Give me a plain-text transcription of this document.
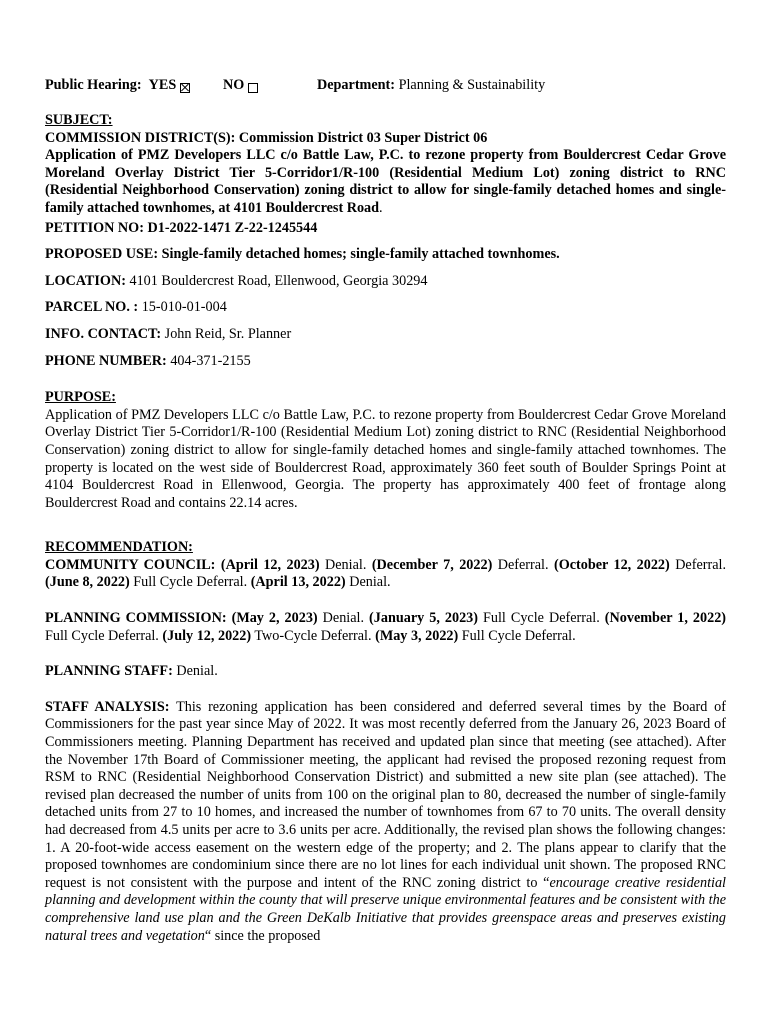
Public Hearing: YES	NO	Department: Planning & Sustainability
SUBJECT:
COMMISSION DISTRICT(S): Commission District 03 Super District 06
Application of PMZ Developers LLC c/o Battle Law, P.C. to rezone property from Bouldercrest Cedar Grove Moreland Overlay District Tier 5-Corridor1/R-100 (Residential Medium Lot) zoning district to RNC (Residential Neighborhood Conservation) zoning district to allow for single-family detached homes and single-family attached townhomes, at 4101 Bouldercrest Road.
PETITION NO: D1-2022-1471 Z-22-1245544
PROPOSED USE: Single-family detached homes; single-family attached townhomes.
LOCATION: 4101 Bouldercrest Road, Ellenwood, Georgia 30294
PARCEL NO. : 15-010-01-004
INFO. CONTACT: John Reid, Sr. Planner
PHONE NUMBER: 404-371-2155
PURPOSE:

Application of PMZ Developers LLC c/o Battle Law, P.C. to rezone property from Bouldercrest Cedar Grove Moreland Overlay District Tier 5-Corridor1/R-100 (Residential Medium Lot) zoning district to RNC (Residential Neighborhood Conservation) zoning district to allow for single-family detached homes and single-family attached townhomes. The property is located on the west side of Bouldercrest Road, approximately 360 feet south of Boulder Springs Point at 4104 Bouldercrest Road in Ellenwood, Georgia. The property has approximately 400 feet of frontage along Bouldercrest Road and contains 22.14 acres.

RECOMMENDATION:

COMMUNITY COUNCIL: (April 12, 2023) Denial. (December 7, 2022) Deferral. (October 12, 2022) Deferral. (June 8, 2022) Full Cycle Deferral. (April 13, 2022) Denial.

PLANNING COMMISSION: (May 2, 2023) Denial. (January 5, 2023) Full Cycle Deferral. (November 1, 2022) Full Cycle Deferral. (July 12, 2022) Two-Cycle Deferral. (May 3, 2022) Full Cycle Deferral.

PLANNING STAFF: Denial.

STAFF ANALYSIS: This rezoning application has been considered and deferred several times by the Board of Commissioners for the past year since May of 2022. It was most recently deferred from the January 26, 2023 Board of Commissioners meeting. Planning Department has received and updated plan since that meeting (see attached). After the November 17th Board of Commissioner meeting, the applicant had revised the proposed rezoning request from RSM to RNC (Residential Neighborhood Conservation District) and submitted a new site plan (see attached). The revised plan decreased the number of units from 100 on the original plan to 80, decreased the number of single-family detached units from 27 to 10 homes, and increased the number of townhomes from 67 to 70 units. The overall density had decreased from 4.5 units per acre to 3.6 units per acre. Additionally, the revised plan shows the following changes: 1. A 20-foot-wide access easement on the western edge of the property; and 2. The plans appear to clarify that the proposed townhomes are condominium since there are no lot lines for each individual unit shown. The proposed RNC request is not consistent with the purpose and intent of the RNC zoning district to “encourage creative residential planning and development within the county that will preserve unique environmental features and be consistent with the comprehensive land use plan and the Green DeKalb Initiative that provides greenspace areas and preserves existing natural trees and vegetation“ since the proposed
